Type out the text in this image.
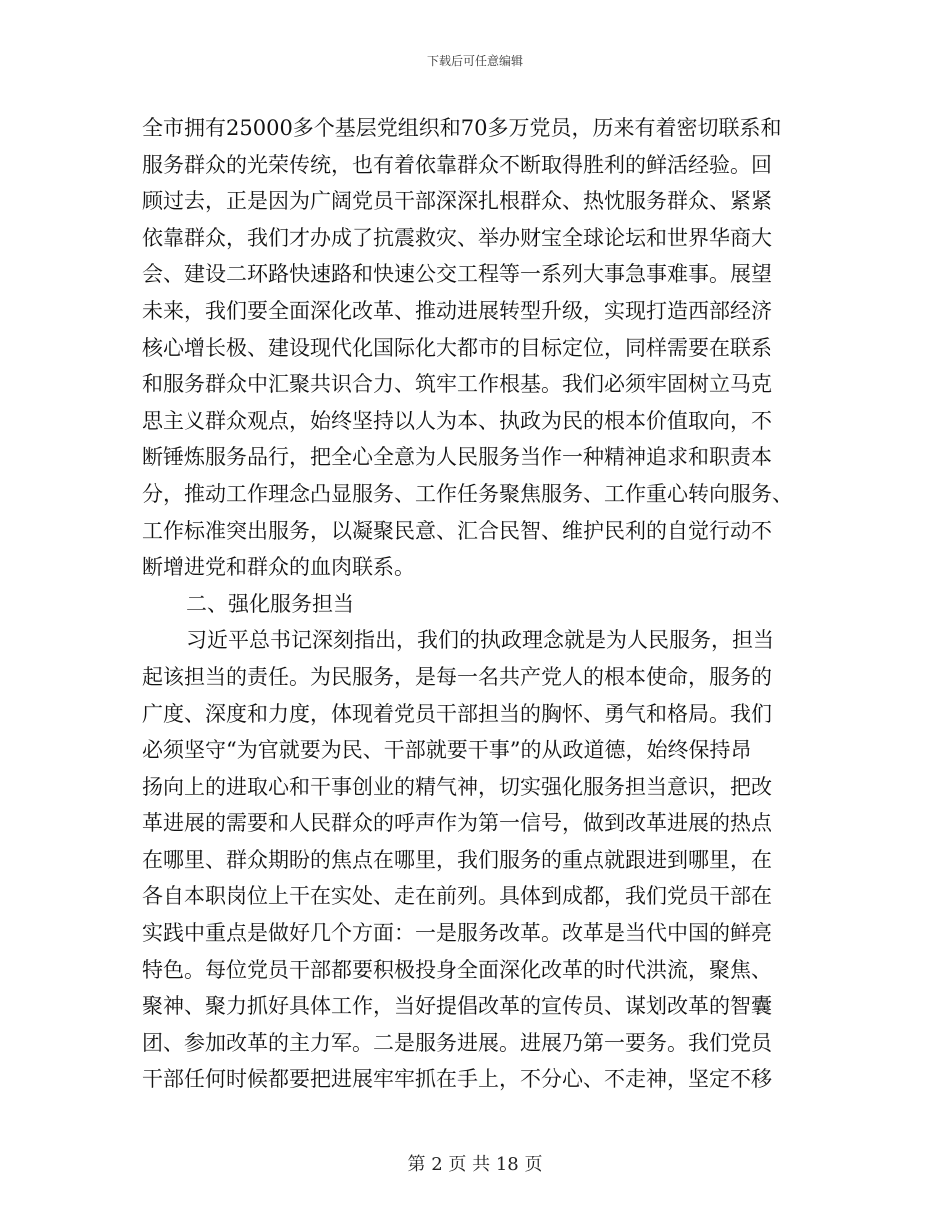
下载后可任意编辑
全市拥有25000多个基层党组织和70多万党员，历来有着密切联系和
服务群众的光荣传统，也有着依靠群众不断取得胜利的鲜活经验。回
顾过去，正是因为广阔党员干部深深扎根群众、热忱服务群众、紧紧
依靠群众，我们才办成了抗震救灾、举办财宝全球论坛和世界华商大
会、建设二环路快速路和快速公交工程等一系列大事急事难事。展望
未来，我们要全面深化改革、推动进展转型升级，实现打造西部经济
核心增长极、建设现代化国际化大都市的目标定位，同样需要在联系
和服务群众中汇聚共识合力、筑牢工作根基。我们必须牢固树立马克
思主义群众观点，始终坚持以人为本、执政为民的根本价值取向，不
断锤炼服务品行，把全心全意为人民服务当作一种精神追求和职责本
分，推动工作理念凸显服务、工作任务聚焦服务、工作重心转向服务、
工作标准突出服务，以凝聚民意、汇合民智、维护民利的自觉行动不
断增进党和群众的血肉联系。
二、强化服务担当
习近平总书记深刻指出，我们的执政理念就是为人民服务，担当
起该担当的责任。为民服务，是每一名共产党人的根本使命，服务的
广度、深度和力度，体现着党员干部担当的胸怀、勇气和格局。我们
必须坚守“为官就要为民、干部就要干事”的从政道德，始终保持昂
扬向上的进取心和干事创业的精气神，切实强化服务担当意识，把改
革进展的需要和人民群众的呼声作为第一信号，做到改革进展的热点
在哪里、群众期盼的焦点在哪里，我们服务的重点就跟进到哪里，在
各自本职岗位上干在实处、走在前列。具体到成都，我们党员干部在
实践中重点是做好几个方面：一是服务改革。改革是当代中国的鲜亮
特色。每位党员干部都要积极投身全面深化改革的时代洪流，聚焦、
聚神、聚力抓好具体工作，当好提倡改革的宣传员、谋划改革的智囊
团、参加改革的主力军。二是服务进展。进展乃第一要务。我们党员
干部任何时候都要把进展牢牢抓在手上，不分心、不走神，坚定不移
第 2 页 共 18 页
